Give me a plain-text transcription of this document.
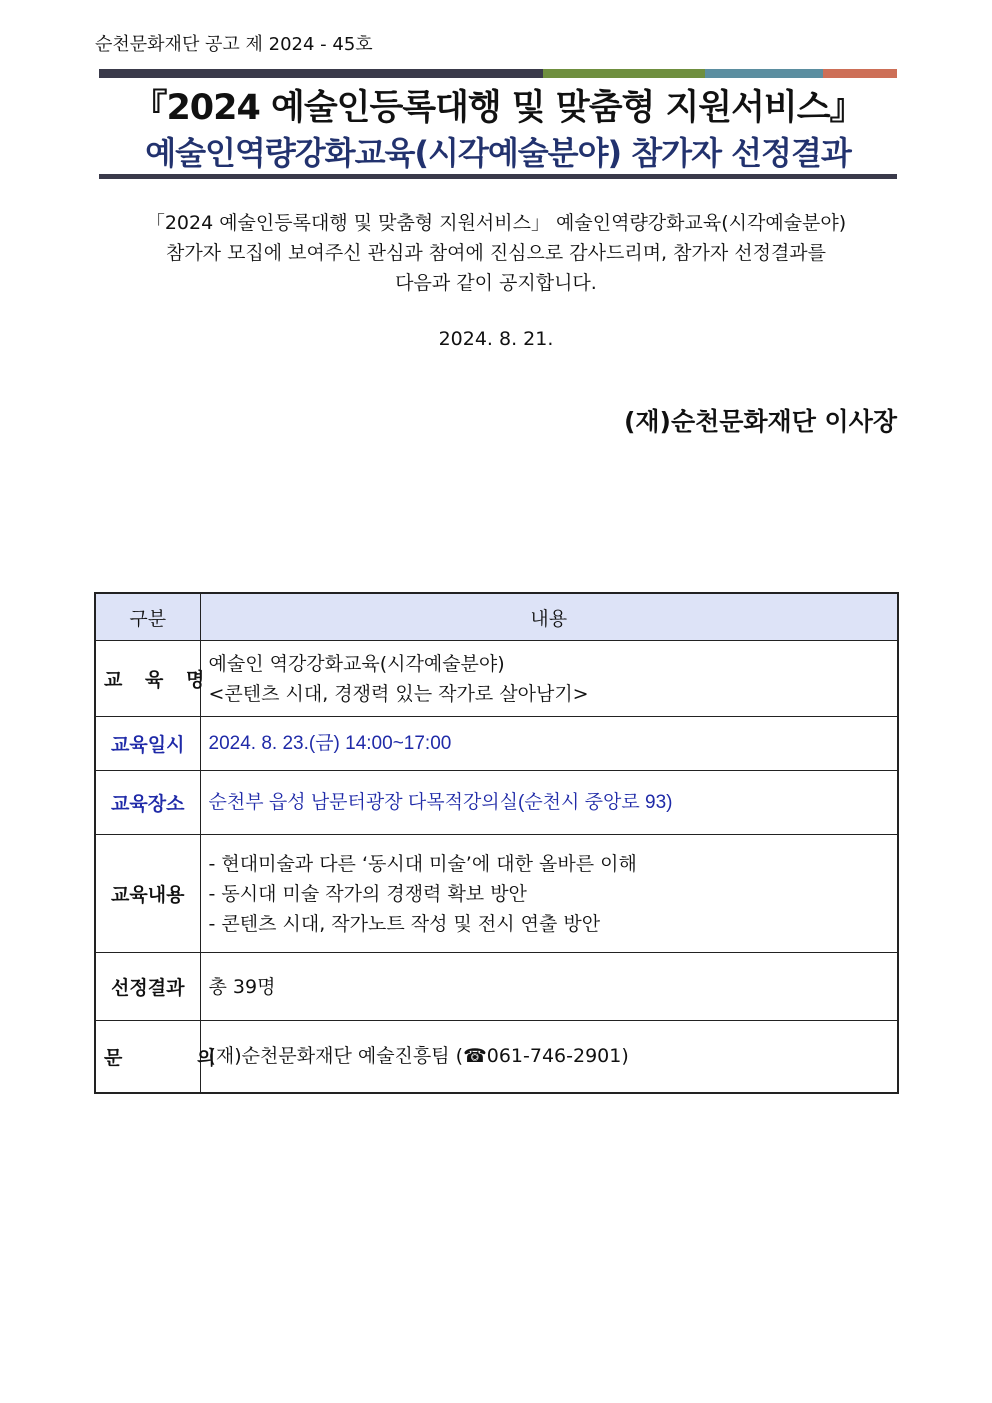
순천문화재단 공고 제 2024 - 45호
『2024 예술인등록대행 및 맞춤형 지원서비스』
예술인역량강화교육(시각예술분야) 참가자 선정결과
「2024 예술인등록대행 및 맞춤형 지원서비스」 예술인역량강화교육(시각예술분야)
참가자 모집에 보여주신 관심과 참여에 진심으로 감사드리며, 참가자 선정결과를
다음과 같이 공지합니다.
2024. 8. 21.
(재)순천문화재단 이사장
구분	내용
교 육 명	예술인 역강강화교육(시각예술분야)
<콘텐츠 시대, 경쟁력 있는 작가로 살아남기>

교육일시	2024. 8. 23.(금) 14:00~17:00

교육장소	순천부 읍성 남문터광장 다목적강의실(순천시 중앙로 93)

교육내용	- 현대미술과 다른 ‘동시대 미술’에 대한 올바른 이해
- 동시대 미술 작가의 경쟁력 확보 방안
- 콘텐츠 시대, 작가노트 작성 및 전시 연출 방안

선정결과	총 39명

문 의	(재)순천문화재단 예술진흥팀 (☎061-746-2901)
